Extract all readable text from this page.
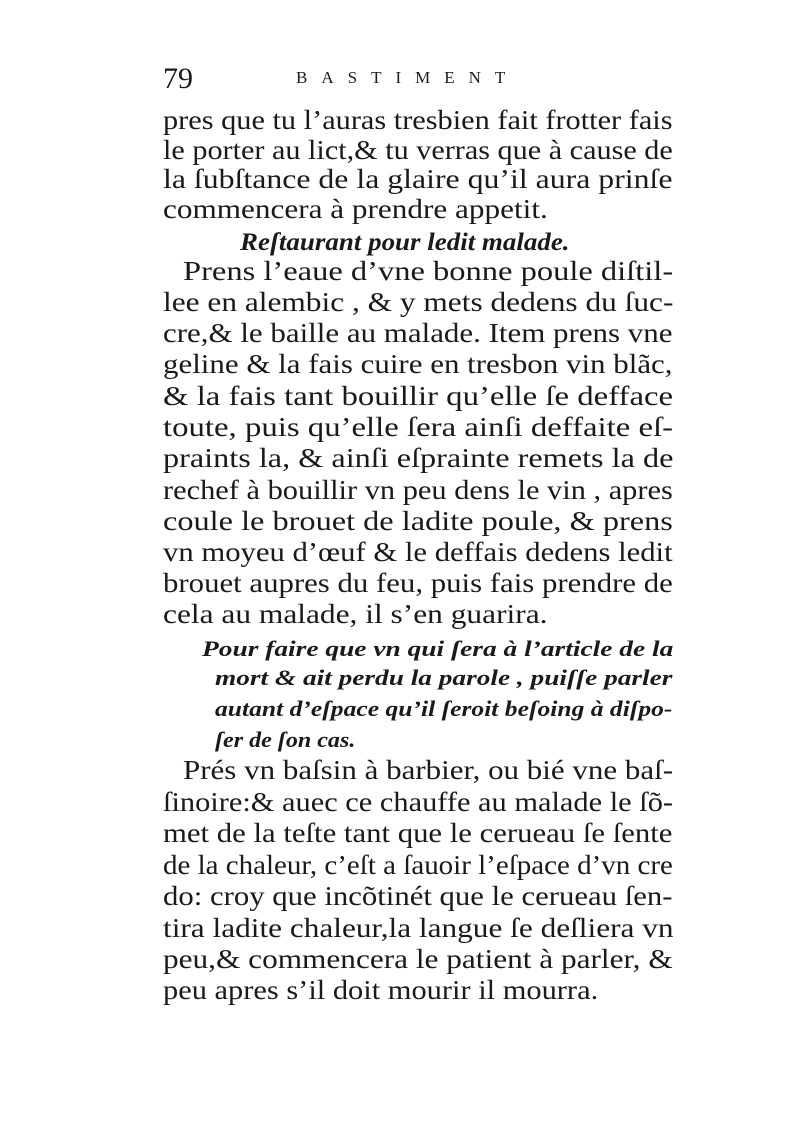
79	BASTIMENT
pres que tu l’auras tresbien fait frotter fais
le porter au lict,& tu verras que à cause de
la ſubſtance de la glaire qu’il aura prinſe
commencera à prendre appetit.
Reſtaurant pour ledit malade.
Prens l’eaue d’vne bonne poule diſtil-
lee en alembic , & y mets dedens du ſuc-
cre,& le baille au malade. Item prens vne
geline & la fais cuire en tresbon vin blãc,
& la fais tant bouillir qu’elle ſe defface
toute, puis qu’elle ſera ainſi deffaite eſ-
praints la, & ainſi eſprainte remets la de
rechef à bouillir vn peu dens le vin , apres
coule le brouet de ladite poule, & prens
vn moyeu d’œuf & le deffais dedens ledit
brouet aupres du feu, puis fais prendre de
cela au malade, il s’en guarira.
Pour faire que vn qui ſera à l’article de la
mort & ait perdu la parole , puiſſe parler
autant d’eſpace qu’il ſeroit beſoing à diſpo-
ſer de ſon cas.
Prés vn baſsin à barbier, ou bié vne baſ-
ſinoire:& auec ce chauffe au malade le ſõ-
met de la teſte tant que le cerueau ſe ſente
de la chaleur, c’eſt a ſauoir l’eſpace d’vn cre
do: croy que incõtinét que le cerueau ſen-
tira ladite chaleur,la langue ſe deſliera vn
peu,& commencera le patient à parler, &
peu apres s’il doit mourir il mourra.
